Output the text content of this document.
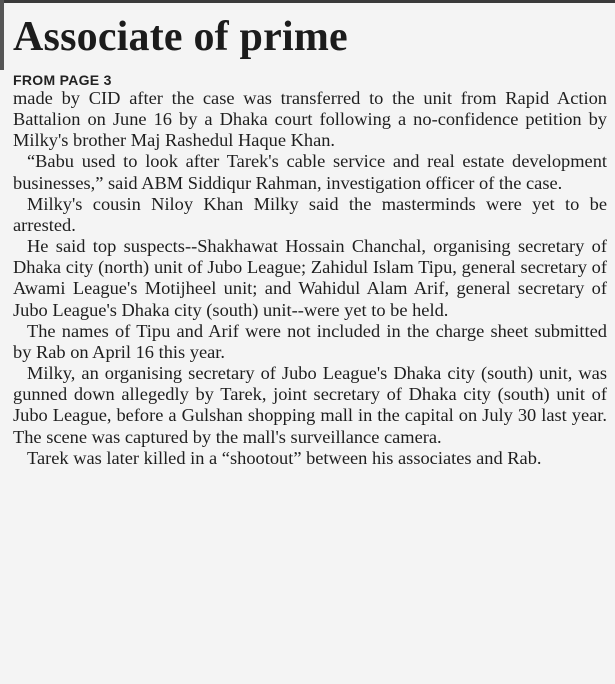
Associate of prime
FROM PAGE 3

made by CID after the case was transferred to the unit from Rapid Action Battalion on June 16 by a Dhaka court following a no-confidence petition by Milky's brother Maj Rashedul Haque Khan.

“Babu used to look after Tarek's cable service and real estate development businesses,” said ABM Siddiqur Rahman, investigation officer of the case.

Milky's cousin Niloy Khan Milky said the masterminds were yet to be arrested.

He said top suspects--Shakhawat Hossain Chanchal, organising secretary of Dhaka city (north) unit of Jubo League; Zahidul Islam Tipu, general secretary of Awami League's Motijheel unit; and Wahidul Alam Arif, general secretary of Jubo League's Dhaka city (south) unit--were yet to be held.

The names of Tipu and Arif were not included in the charge sheet submitted by Rab on April 16 this year.

Milky, an organising secretary of Jubo League's Dhaka city (south) unit, was gunned down allegedly by Tarek, joint secretary of Dhaka city (south) unit of Jubo League, before a Gulshan shopping mall in the capital on July 30 last year. The scene was captured by the mall's surveillance camera.

Tarek was later killed in a “shootout” between his associates and Rab.
